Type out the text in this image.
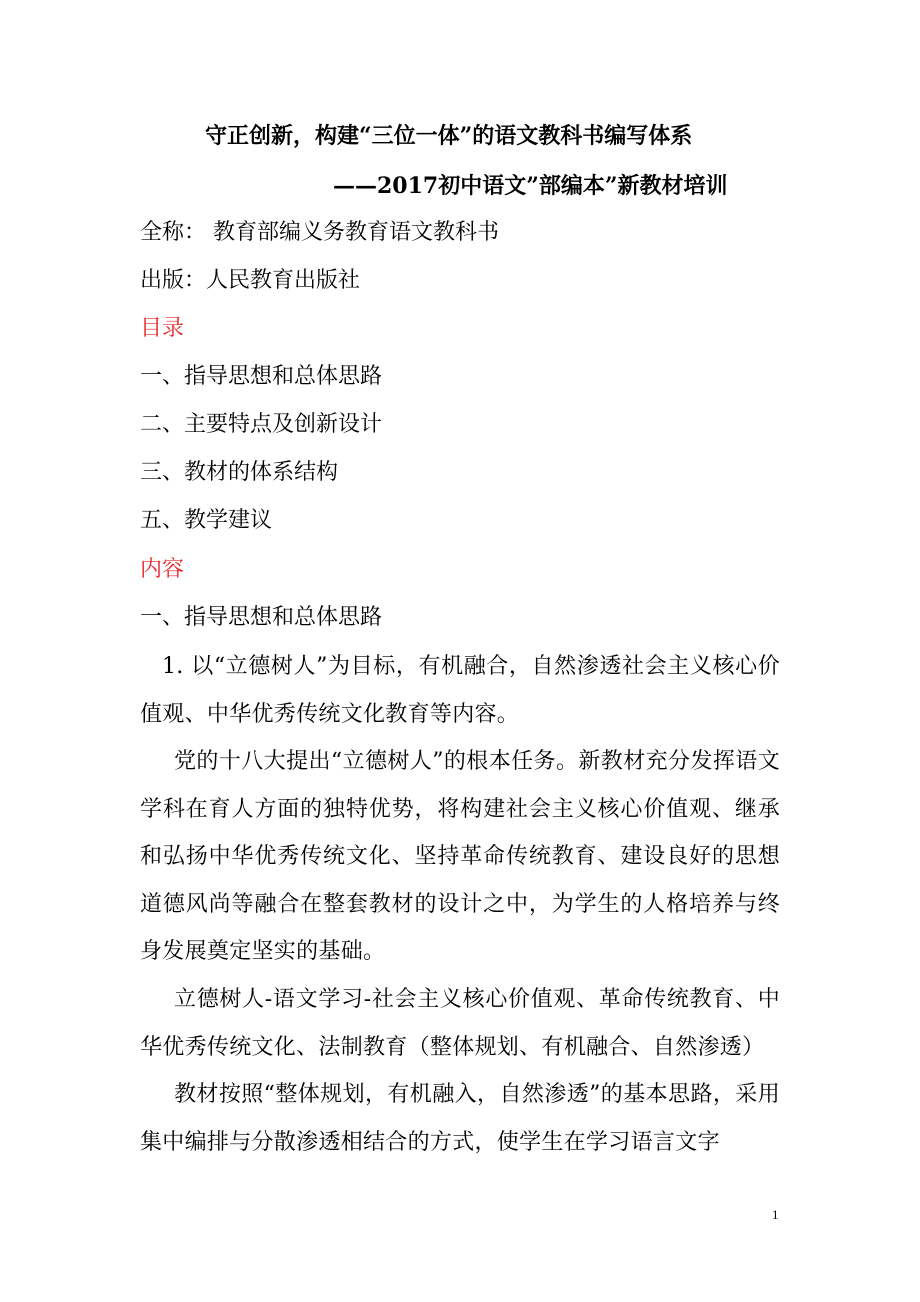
守正创新，构建“三位一体”的语文教科书编写体系
——2017初中语文”部编本”新教材培训
全称： 教育部编义务教育语文教科书
出版：人民教育出版社
目录
一、指导思想和总体思路
二、主要特点及创新设计
三、教材的体系结构
五、教学建议
内容
一、指导思想和总体思路
1. 以“立德树人”为目标，有机融合，自然渗透社会主义核心价值观、中华优秀传统文化教育等内容。
党的十八大提出“立德树人”的根本任务。新教材充分发挥语文学科在育人方面的独特优势，将构建社会主义核心价值观、继承和弘扬中华优秀传统文化、坚持革命传统教育、建设良好的思想道德风尚等融合在整套教材的设计之中，为学生的人格培养与终身发展奠定坚实的基础。
立德树人-语文学习-社会主义核心价值观、革命传统教育、中华优秀传统文化、法制教育（整体规划、有机融合、自然渗透）
教材按照“整体规划，有机融入，自然渗透”的基本思路，采用集中编排与分散渗透相结合的方式，使学生在学习语言文字
1
